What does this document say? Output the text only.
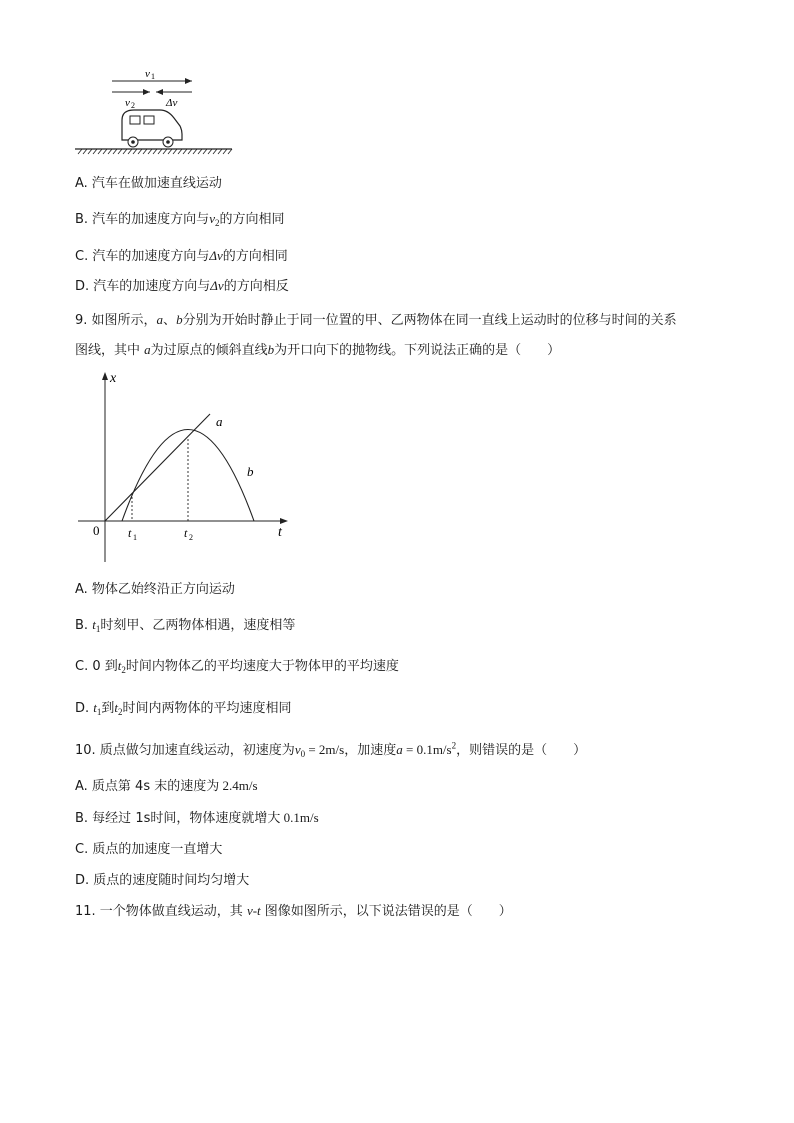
v 1
v 2	Δv
A. 汽车在做加速直线运动
B. 汽车的加速度方向与$v_2$的方向相同
C. 汽车的加速度方向与Δv的方向相同
D. 汽车的加速度方向与Δv的方向相反
9. 如图所示，a、b分别为开始时静止于同一位置的甲、乙两物体在同一直线上运动时的位移与时间的关系
图线，其中 a为过原点的倾斜直线b为开口向下的抛物线。下列说法正确的是（　　）
x
t
0
a
b
t 1	t 2
A. 物体乙始终沿正方向运动
B. $t_1$时刻甲、乙两物体相遇，速度相等
C. 0 到$t_2$时间内物体乙的平均速度大于物体甲的平均速度
D. $t_1$到$t_2$时间内两物体的平均速度相同
10. 质点做匀加速直线运动，初速度为$v_0 = 2m/s$，加速度$a = 0.1m/s^2$，则错误的是（　　）
A. 质点第 4s 末的速度为 2.4m/s
B. 每经过 1s时间，物体速度就增大 0.1m/s
C. 质点的加速度一直增大
D. 质点的速度随时间均匀增大
11. 一个物体做直线运动，其 v-t 图像如图所示，以下说法错误的是（　　）
